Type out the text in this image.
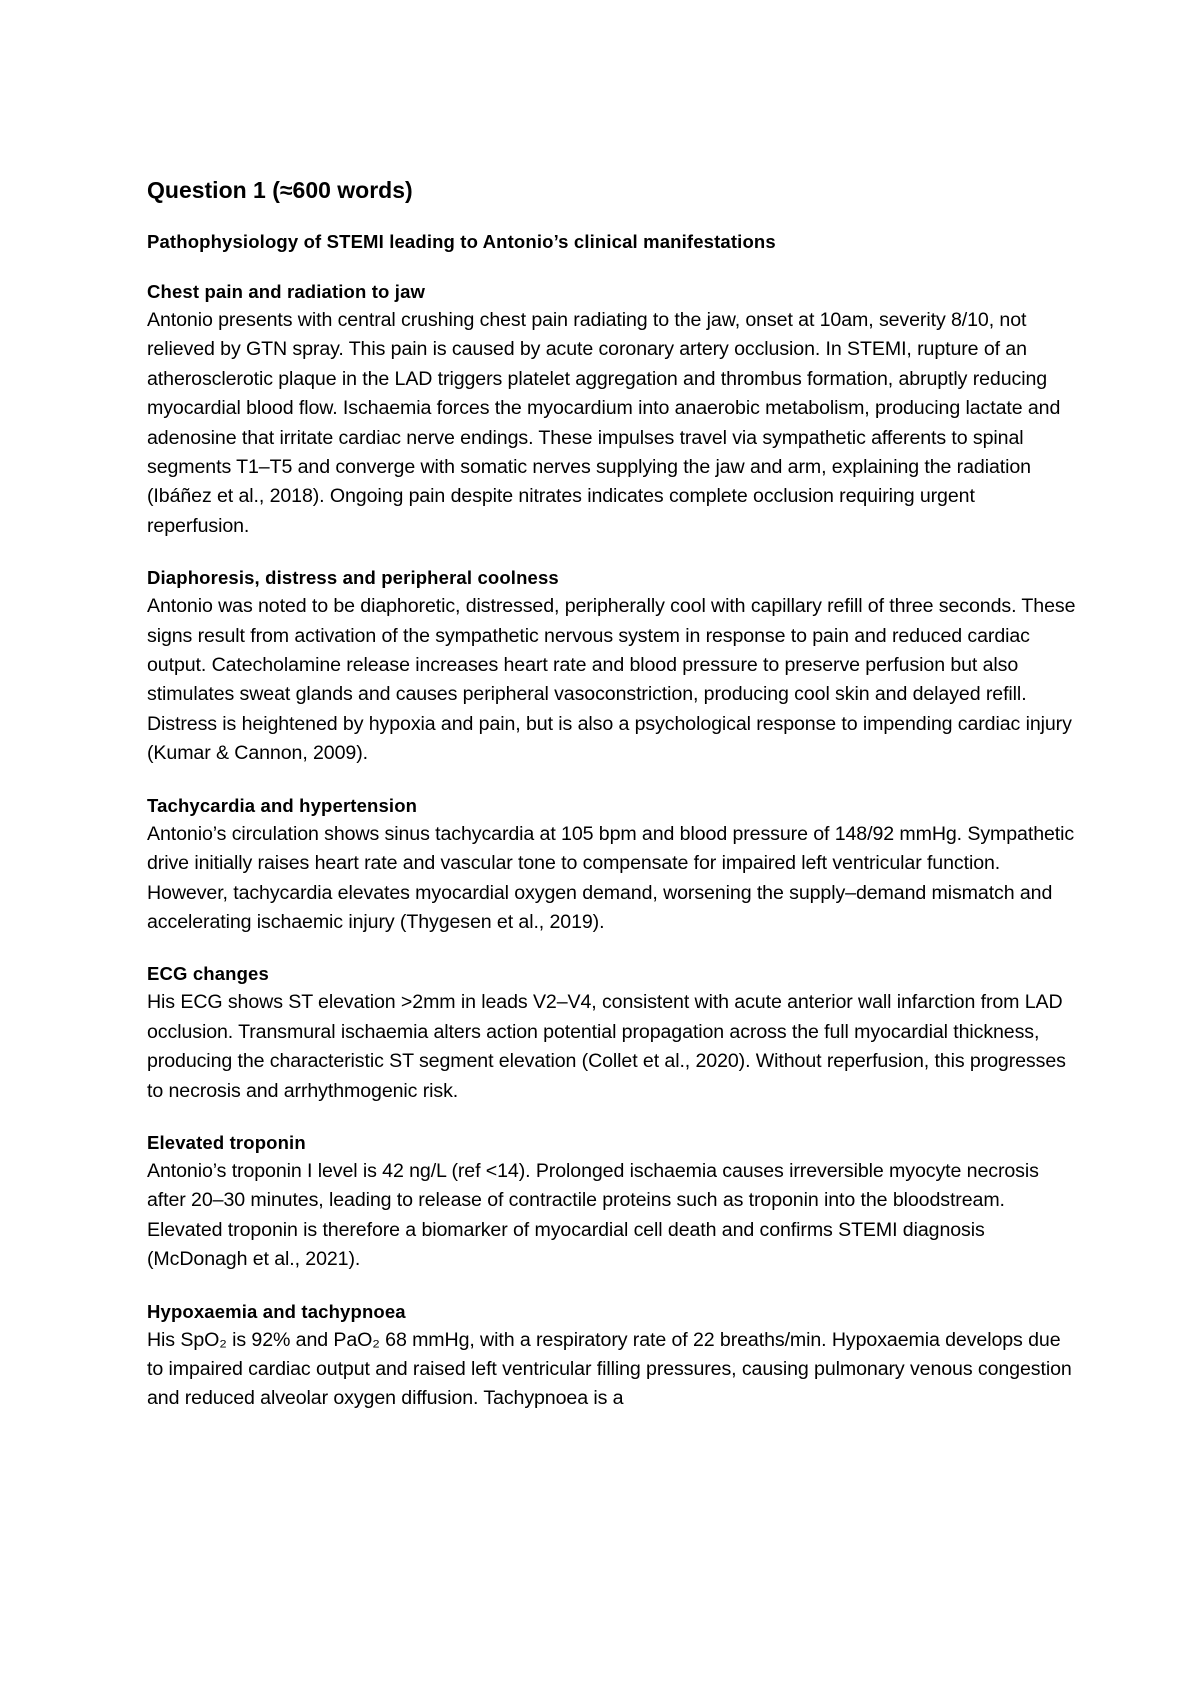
Question 1 (≈600 words)
Pathophysiology of STEMI leading to Antonio’s clinical manifestations
Chest pain and radiation to jaw
Antonio presents with central crushing chest pain radiating to the jaw, onset at 10am, severity 8/10, not relieved by GTN spray. This pain is caused by acute coronary artery occlusion. In STEMI, rupture of an atherosclerotic plaque in the LAD triggers platelet aggregation and thrombus formation, abruptly reducing myocardial blood flow. Ischaemia forces the myocardium into anaerobic metabolism, producing lactate and adenosine that irritate cardiac nerve endings. These impulses travel via sympathetic afferents to spinal segments T1–T5 and converge with somatic nerves supplying the jaw and arm, explaining the radiation (Ibáñez et al., 2018). Ongoing pain despite nitrates indicates complete occlusion requiring urgent reperfusion.
Diaphoresis, distress and peripheral coolness
Antonio was noted to be diaphoretic, distressed, peripherally cool with capillary refill of three seconds. These signs result from activation of the sympathetic nervous system in response to pain and reduced cardiac output. Catecholamine release increases heart rate and blood pressure to preserve perfusion but also stimulates sweat glands and causes peripheral vasoconstriction, producing cool skin and delayed refill. Distress is heightened by hypoxia and pain, but is also a psychological response to impending cardiac injury (Kumar & Cannon, 2009).
Tachycardia and hypertension
Antonio’s circulation shows sinus tachycardia at 105 bpm and blood pressure of 148/92 mmHg. Sympathetic drive initially raises heart rate and vascular tone to compensate for impaired left ventricular function. However, tachycardia elevates myocardial oxygen demand, worsening the supply–demand mismatch and accelerating ischaemic injury (Thygesen et al., 2019).
ECG changes
His ECG shows ST elevation >2mm in leads V2–V4, consistent with acute anterior wall infarction from LAD occlusion. Transmural ischaemia alters action potential propagation across the full myocardial thickness, producing the characteristic ST segment elevation (Collet et al., 2020). Without reperfusion, this progresses to necrosis and arrhythmogenic risk.
Elevated troponin
Antonio’s troponin I level is 42 ng/L (ref <14). Prolonged ischaemia causes irreversible myocyte necrosis after 20–30 minutes, leading to release of contractile proteins such as troponin into the bloodstream. Elevated troponin is therefore a biomarker of myocardial cell death and confirms STEMI diagnosis (McDonagh et al., 2021).
Hypoxaemia and tachypnoea
His SpO₂ is 92% and PaO₂ 68 mmHg, with a respiratory rate of 22 breaths/min. Hypoxaemia develops due to impaired cardiac output and raised left ventricular filling pressures, causing pulmonary venous congestion and reduced alveolar oxygen diffusion. Tachypnoea is a
